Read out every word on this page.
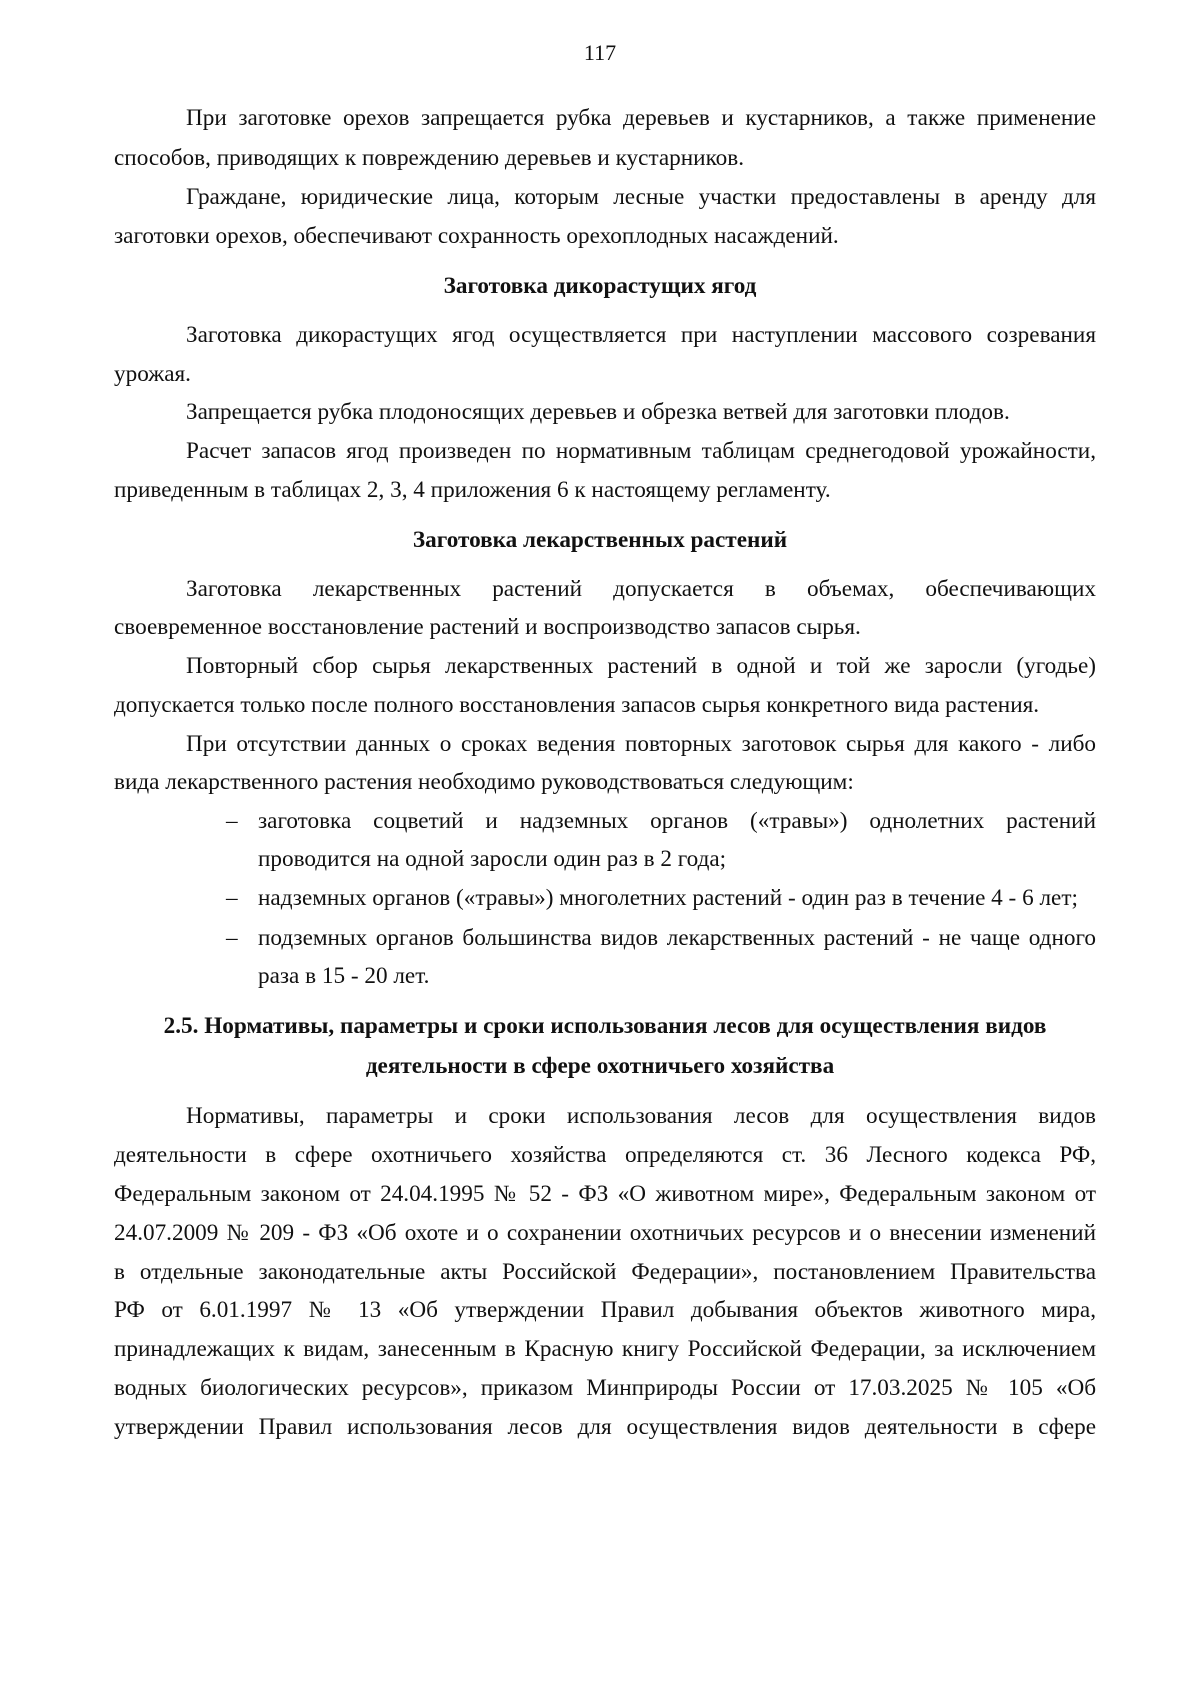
117
При заготовке орехов запрещается рубка деревьев и кустарников, а также применение
способов, приводящих к повреждению деревьев и кустарников.
Граждане, юридические лица, которым лесные участки предоставлены в аренду для
заготовки орехов, обеспечивают сохранность орехоплодных насаждений.
Заготовка дикорастущих ягод
Заготовка дикорастущих ягод осуществляется при наступлении массового созревания
урожая.
Запрещается рубка плодоносящих деревьев и обрезка ветвей для заготовки плодов.
Расчет запасов ягод произведен по нормативным таблицам среднегодовой урожайности,
приведенным в таблицах 2, 3, 4 приложения 6 к настоящему регламенту.
Заготовка лекарственных растений
Заготовка лекарственных растений допускается в объемах, обеспечивающих
своевременное восстановление растений и воспроизводство запасов сырья.
Повторный сбор сырья лекарственных растений в одной и той же заросли (угодье)
допускается только после полного восстановления запасов сырья конкретного вида растения.
При отсутствии данных о сроках ведения повторных заготовок сырья для какого - либо
вида лекарственного растения необходимо руководствоваться следующим:
– заготовка соцветий и надземных органов («травы») однолетних растений
проводится на одной заросли один раз в 2 года;
– надземных органов («травы») многолетних растений - один раз в течение 4 - 6 лет;
– подземных органов большинства видов лекарственных растений - не чаще одного
раза в 15 - 20 лет.
2.5. Нормативы, параметры и сроки использования лесов для осуществления видов
деятельности в сфере охотничьего хозяйства
Нормативы, параметры и сроки использования лесов для осуществления видов
деятельности в сфере охотничьего хозяйства определяются ст. 36 Лесного кодекса РФ,
Федеральным законом от 24.04.1995 № 52 - ФЗ «О животном мире», Федеральным законом от
24.07.2009 № 209 - ФЗ «Об охоте и о сохранении охотничьих ресурсов и о внесении изменений
в отдельные законодательные акты Российской Федерации», постановлением Правительства
РФ от 6.01.1997 № 13 «Об утверждении Правил добывания объектов животного мира,
принадлежащих к видам, занесенным в Красную книгу Российской Федерации, за исключением
водных биологических ресурсов», приказом Минприроды России от 17.03.2025 № 105 «Об
утверждении Правил использования лесов для осуществления видов деятельности в сфере
